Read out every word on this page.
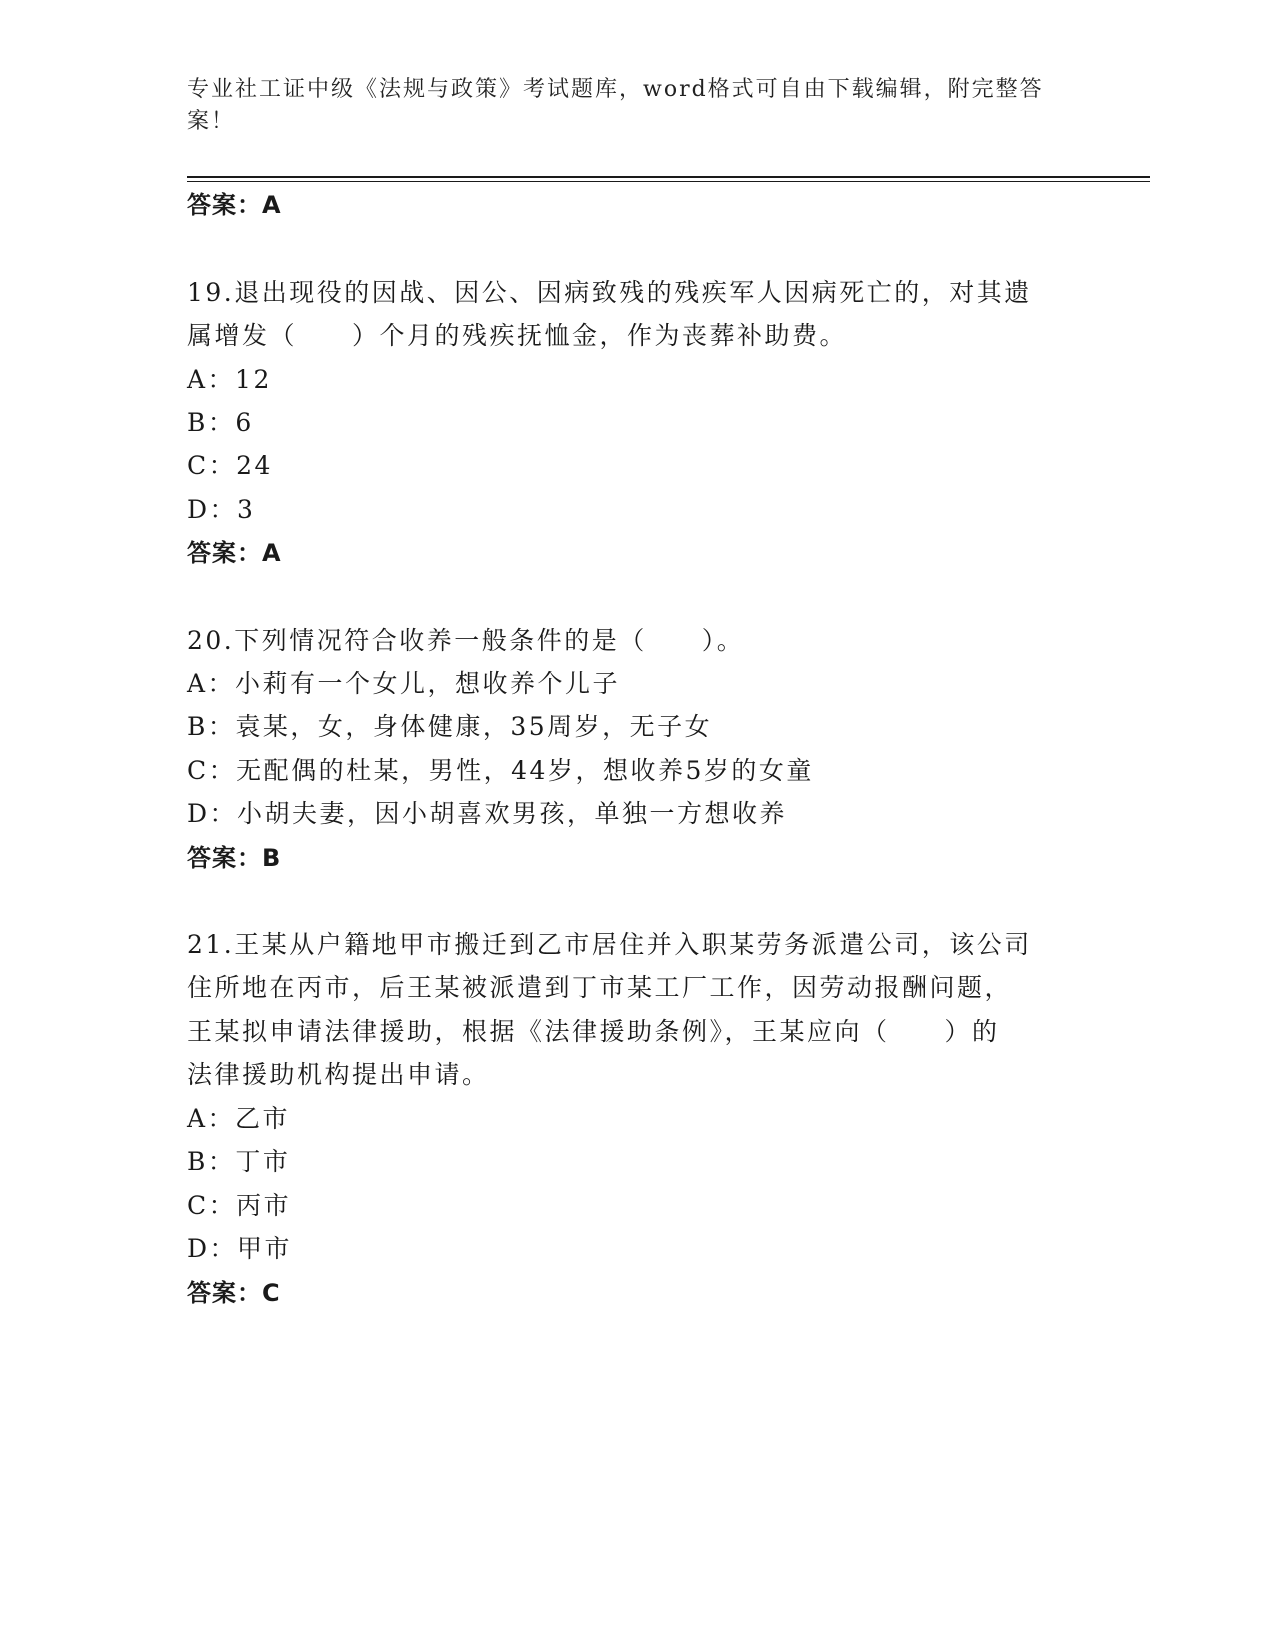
专业社工证中级《法规与政策》考试题库，word格式可自由下载编辑，附完整答
案！
答案：A
19.退出现役的因战、因公、因病致残的残疾军人因病死亡的，对其遗
属增发（　　）个月的残疾抚恤金，作为丧葬补助费。
A：12
B：6
C：24
D：3
答案：A
20.下列情况符合收养一般条件的是（　　）。
A：小莉有一个女儿，想收养个儿子
B：袁某，女，身体健康，35周岁，无子女
C：无配偶的杜某，男性，44岁，想收养5岁的女童
D：小胡夫妻，因小胡喜欢男孩，单独一方想收养
答案：B
21.王某从户籍地甲市搬迁到乙市居住并入职某劳务派遣公司，该公司
住所地在丙市，后王某被派遣到丁市某工厂工作，因劳动报酬问题，
王某拟申请法律援助，根据《法律援助条例》，王某应向（　　）的
法律援助机构提出申请。
A：乙市
B：丁市
C：丙市
D：甲市
答案：C
